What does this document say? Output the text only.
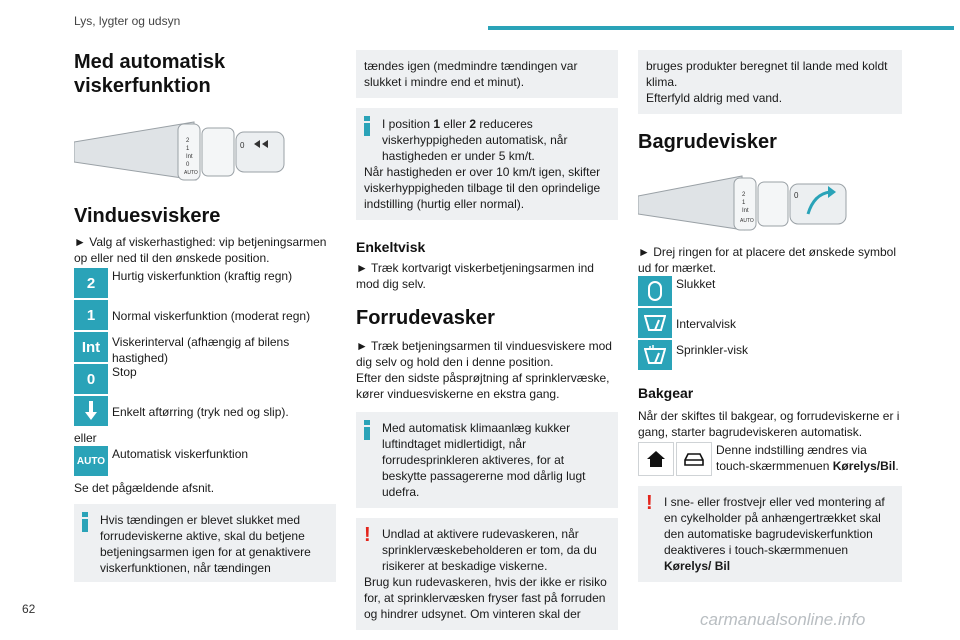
Lys, lygter og udsyn
Med automatisk viskerfunktion
2
1
Int
0
AUTO
0
Vinduesviskere

► Valg af viskerhastighed: vip betjeningsarmen op eller ned til den ønskede position.

2	Hurtig viskerfunktion (kraftig regn)
1	Normal viskerfunktion (moderat regn)
Int Viskerinterval (afhængig af bilens hastighed)
0	Stop
Enkelt aftørring (tryk ned og slip).

eller

AUTO Automatisk viskerfunktion

Se det pågældende afsnit.

Hvis tændingen er blevet slukket med forrudeviskerne aktive, skal du betjene betjeningsarmen igen for at genaktivere viskerfunktionen, når tændingen
tændes igen (medmindre tændingen var slukket i mindre end et minut).
I position 1 eller 2 reduceres viskerhyppigheden automatisk, når hastigheden er under 5 km/t.
Når hastigheden er over 10 km/t igen, skifter viskerhyppigheden tilbage til den oprindelige indstilling (hurtig eller normal).
Enkeltvisk

► Træk kortvarigt viskerbetjeningsarmen ind mod dig selv.

Forrudevasker

► Træk betjeningsarmen til vinduesviskere mod dig selv og hold den i denne position.

Efter den sidste påsprøjtning af sprinklervæske, kører vinduesviskerne en ekstra gang.

Med automatisk klimaanlæg kukker luftindtaget midlertidigt, når forrudesprinkleren aktiveres, for at beskytte passagererne mod dårlig lugt udefra.
! Undlad at aktivere rudevaskeren, når sprinklervæskebeholderen er tom, da du risikerer at beskadige viskerne.
Brug kun rudevaskeren, hvis der ikke er risiko for, at sprinklervæsken fryser fast på forruden og hindrer udsynet. Om vinteren skal der
bruges produkter beregnet til lande med koldt klima.
Efterfyld aldrig med vand.
Bagrudevisker
2
1
Int
AUTO
0

► Drej ringen for at placere det ønskede symbol ud for mærket.

Slukket
Intervalvisk
Sprinkler-visk
Bakgear

Når der skiftes til bakgear, og forrudeviskerne er i gang, starter bagrudeviskeren automatisk.

Denne indstilling ændres via touch-skærmmenuen Kørelys/Bil.
! I sne- eller frostvejr eller ved montering af en cykelholder på anhængertrækket skal den automatiske bagrudeviskerfunktion deaktiveres i touch-skærmmenuen Kørelys/ Bil
62
carmanualsonline.info
